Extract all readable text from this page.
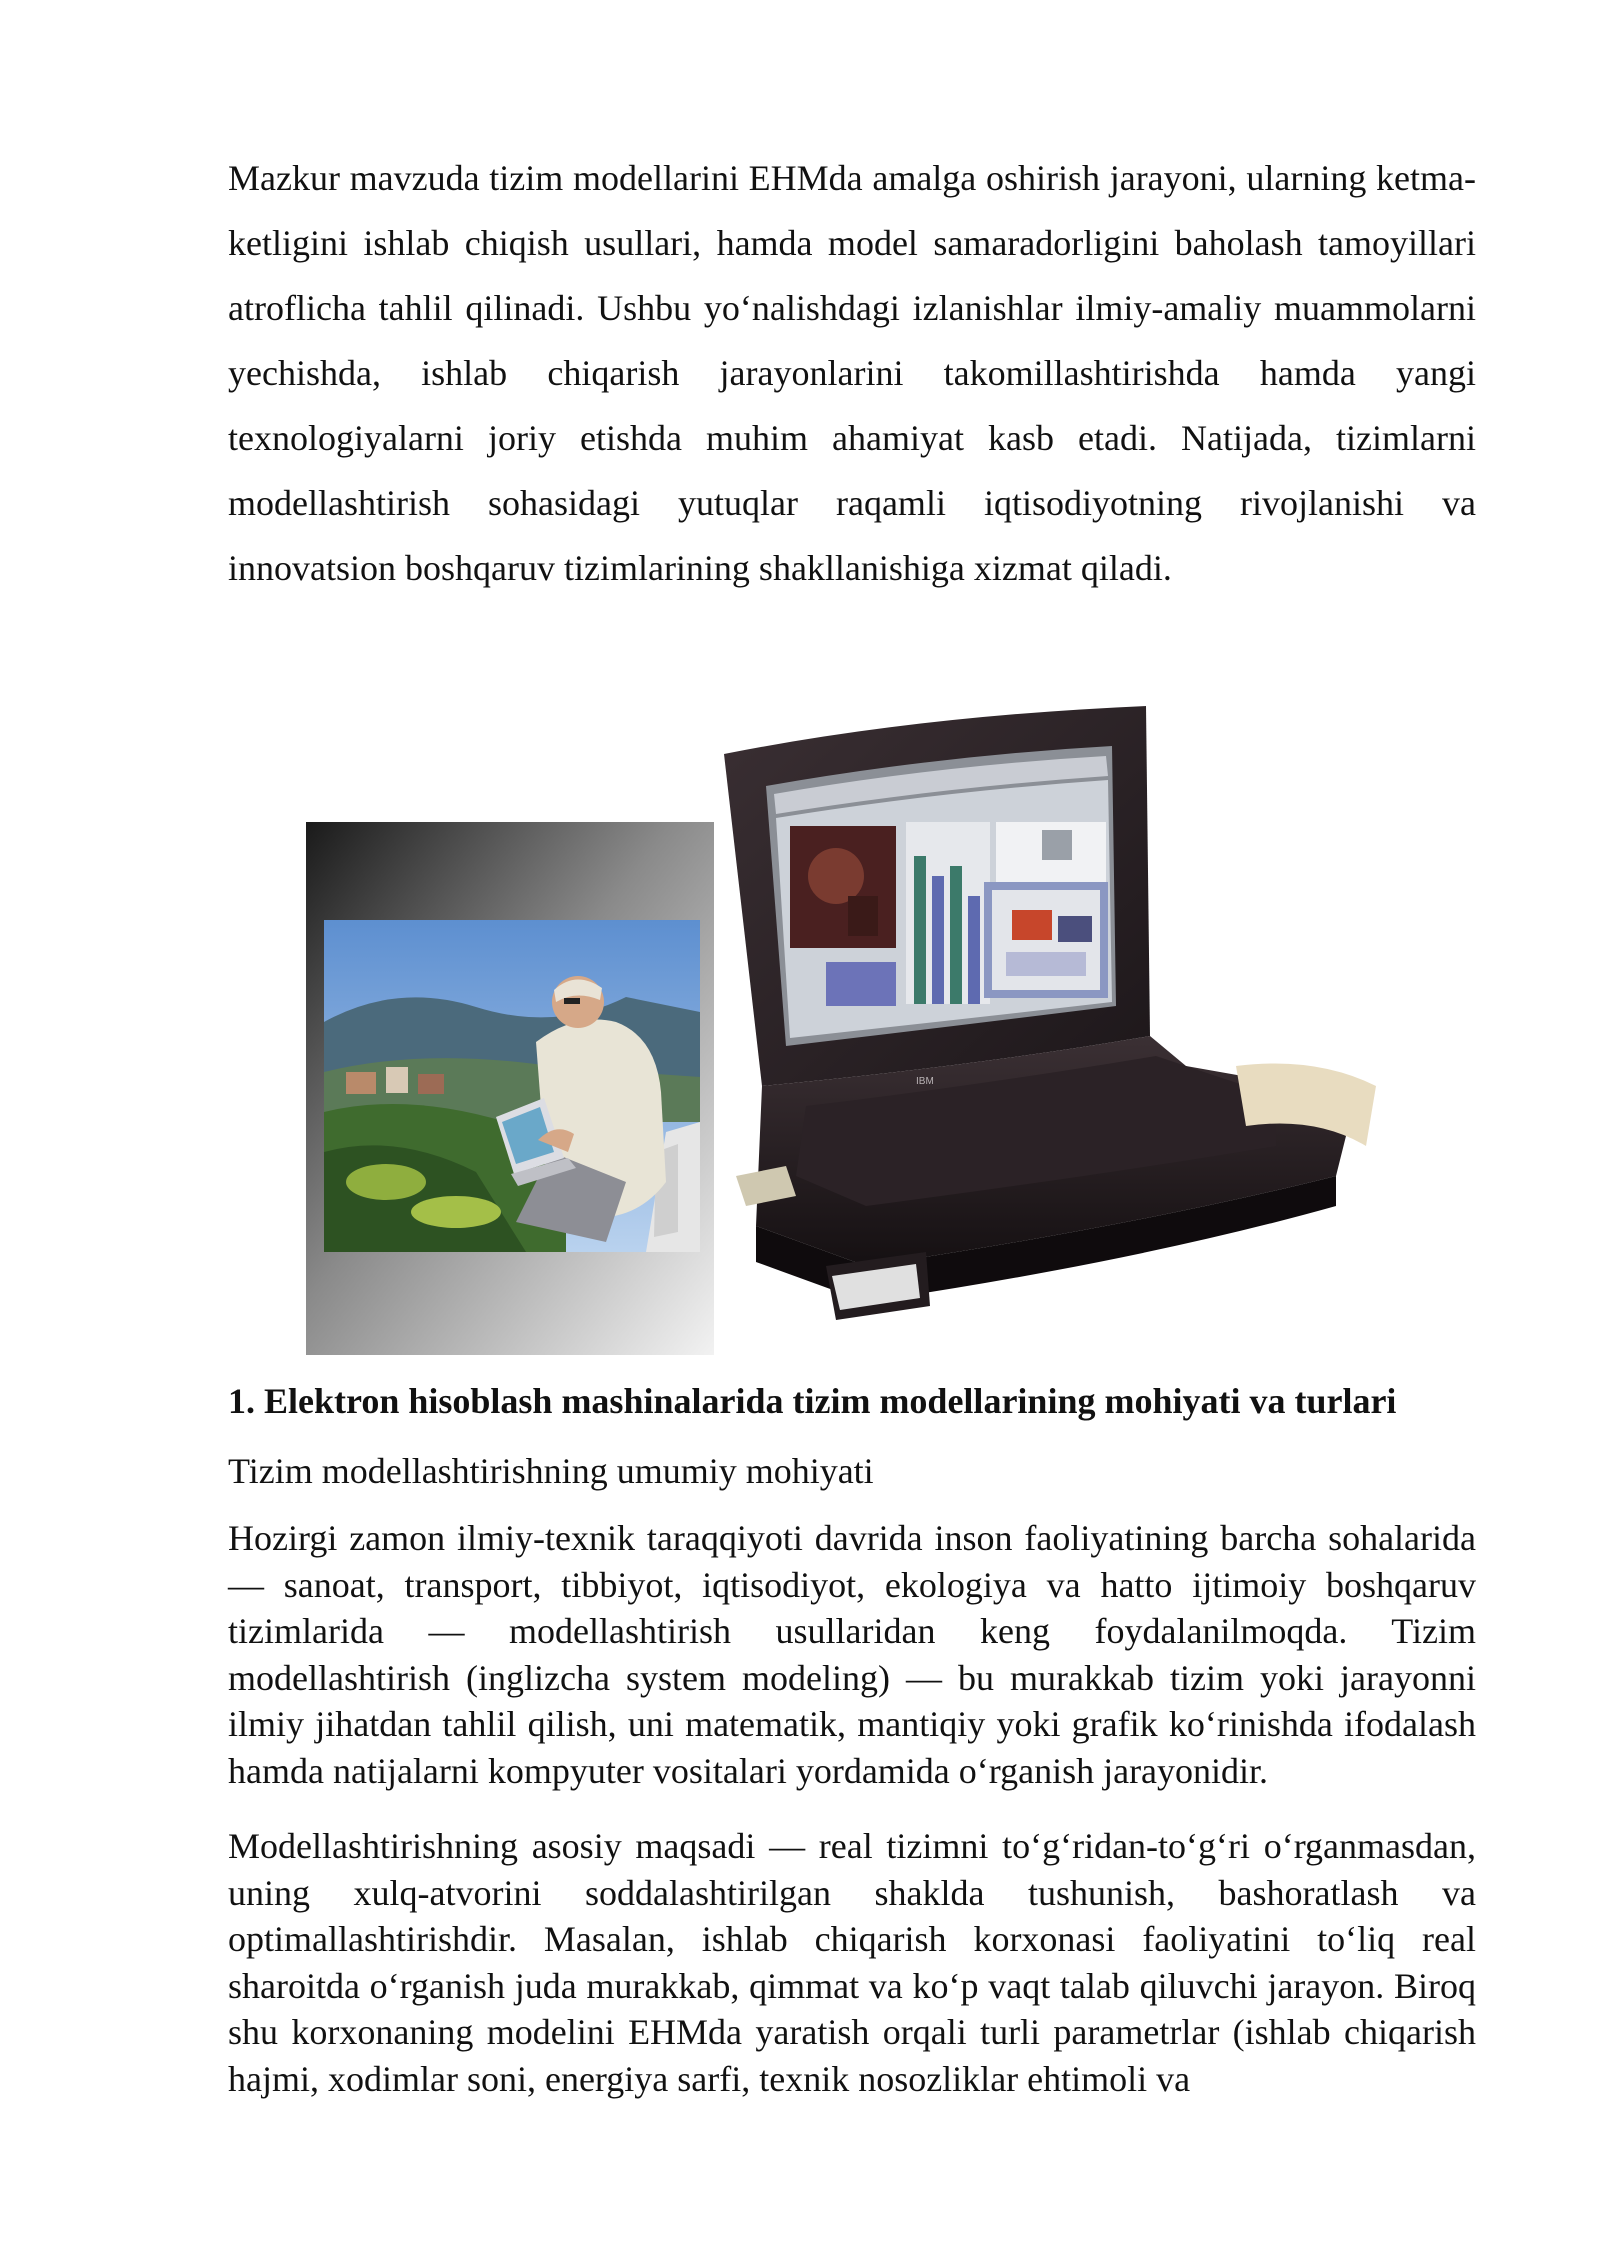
Mazkur mavzuda tizim modellarini EHMda amalga oshirish jarayoni, ularning ketma-ketligini ishlab chiqish usullari, hamda model samaradorligini baholash tamoyillari atroflicha tahlil qilinadi. Ushbu yo‘nalishdagi izlanishlar ilmiy-amaliy muammolarni yechishda, ishlab chiqarish jarayonlarini takomillashtirishda hamda yangi texnologiyalarni joriy etishda muhim ahamiyat kasb etadi. Natijada, tizimlarni modellashtirish sohasidagi yutuqlar raqamli iqtisodiyotning rivojlanishi va innovatsion boshqaruv tizimlarining shakllanishiga xizmat qiladi.

IBM
1. Elektron hisoblash mashinalarida tizim modellarining mohiyati va turlari

Tizim modellashtirishning umumiy mohiyati

Hozirgi zamon ilmiy-texnik taraqqiyoti davrida inson faoliyatining barcha sohalarida — sanoat, transport, tibbiyot, iqtisodiyot, ekologiya va hatto ijtimoiy boshqaruv tizimlarida — modellashtirish usullaridan keng foydalanilmoqda. Tizim modellashtirish (inglizcha system modeling) — bu murakkab tizim yoki jarayonni ilmiy jihatdan tahlil qilish, uni matematik, mantiqiy yoki grafik ko‘rinishda ifodalash hamda natijalarni kompyuter vositalari yordamida o‘rganish jarayonidir.

Modellashtirishning asosiy maqsadi — real tizimni to‘g‘ridan-to‘g‘ri o‘rganmasdan, uning xulq-atvorini soddalashtirilgan shaklda tushunish, bashoratlash va optimallashtirishdir. Masalan, ishlab chiqarish korxonasi faoliyatini to‘liq real sharoitda o‘rganish juda murakkab, qimmat va ko‘p vaqt talab qiluvchi jarayon. Biroq shu korxonaning modelini EHMda yaratish orqali turli parametrlar (ishlab chiqarish hajmi, xodimlar soni, energiya sarfi, texnik nosozliklar ehtimoli va
